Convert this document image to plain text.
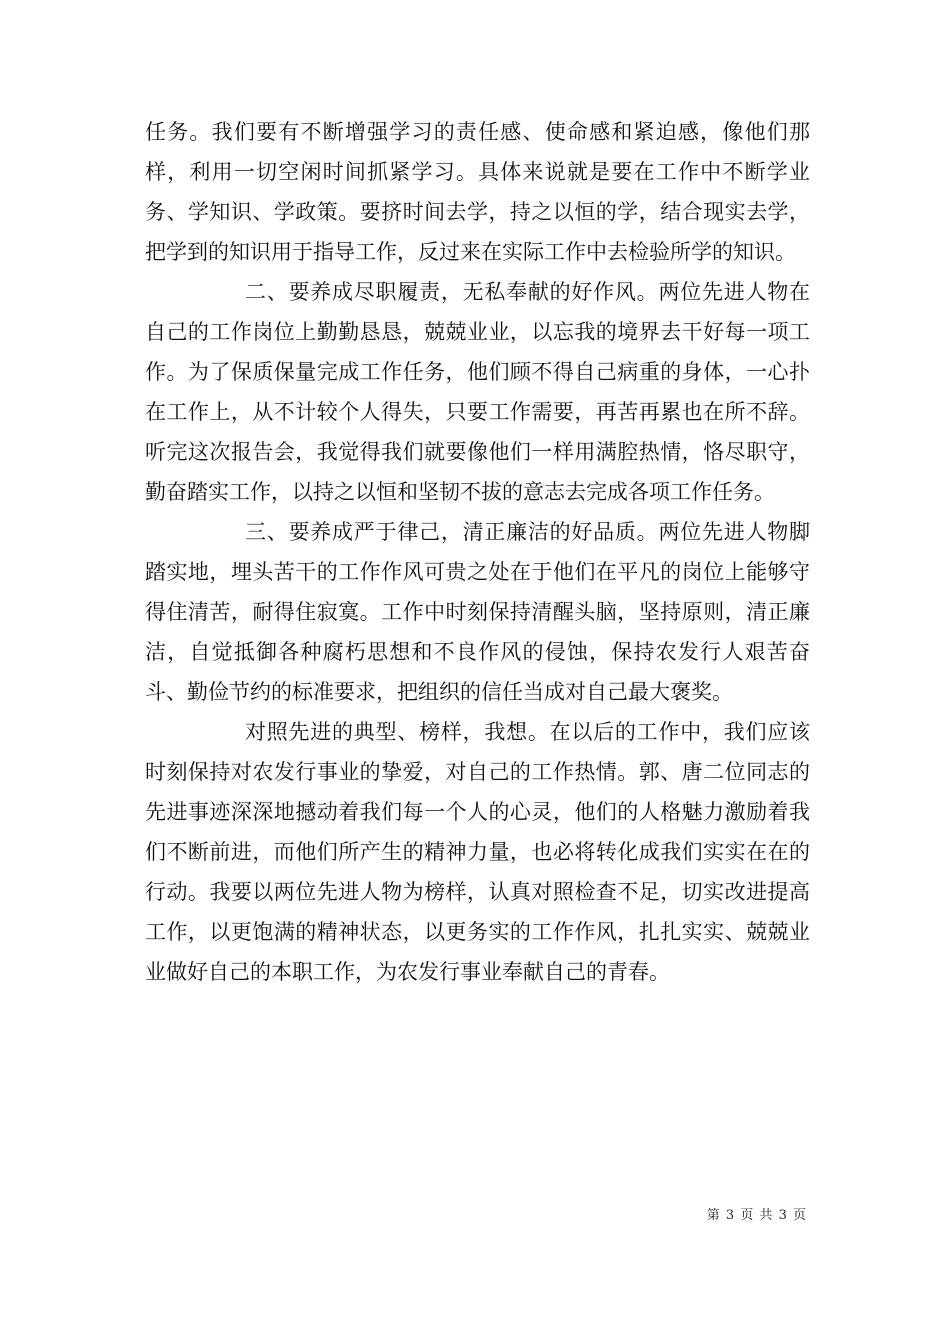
任务。我们要有不断增强学习的责任感、使命感和紧迫感，像他们那样，利用一切空闲时间抓紧学习。具体来说就是要在工作中不断学业务、学知识、学政策。要挤时间去学，持之以恒的学，结合现实去学，把学到的知识用于指导工作，反过来在实际工作中去检验所学的知识。

二、要养成尽职履责，无私奉献的好作风。两位先进人物在自己的工作岗位上勤勤恳恳，兢兢业业，以忘我的境界去干好每一项工作。为了保质保量完成工作任务，他们顾不得自己病重的身体，一心扑在工作上，从不计较个人得失，只要工作需要，再苦再累也在所不辞。听完这次报告会，我觉得我们就要像他们一样用满腔热情，恪尽职守，勤奋踏实工作，以持之以恒和坚韧不拔的意志去完成各项工作任务。

三、要养成严于律己，清正廉洁的好品质。两位先进人物脚踏实地，埋头苦干的工作作风可贵之处在于他们在平凡的岗位上能够守得住清苦，耐得住寂寞。工作中时刻保持清醒头脑，坚持原则，清正廉洁，自觉抵御各种腐朽思想和不良作风的侵蚀，保持农发行人艰苦奋斗、勤俭节约的标准要求，把组织的信任当成对自己最大褒奖。

对照先进的典型、榜样，我想。在以后的工作中，我们应该时刻保持对农发行事业的挚爱，对自己的工作热情。郭、唐二位同志的先进事迹深深地撼动着我们每一个人的心灵，他们的人格魅力激励着我们不断前进，而他们所产生的精神力量，也必将转化成我们实实在在的行动。我要以两位先进人物为榜样，认真对照检查不足，切实改进提高工作，以更饱满的精神状态，以更务实的工作作风，扎扎实实、兢兢业业做好自己的本职工作，为农发行事业奉献自己的青春。

第 3 页 共 3 页
